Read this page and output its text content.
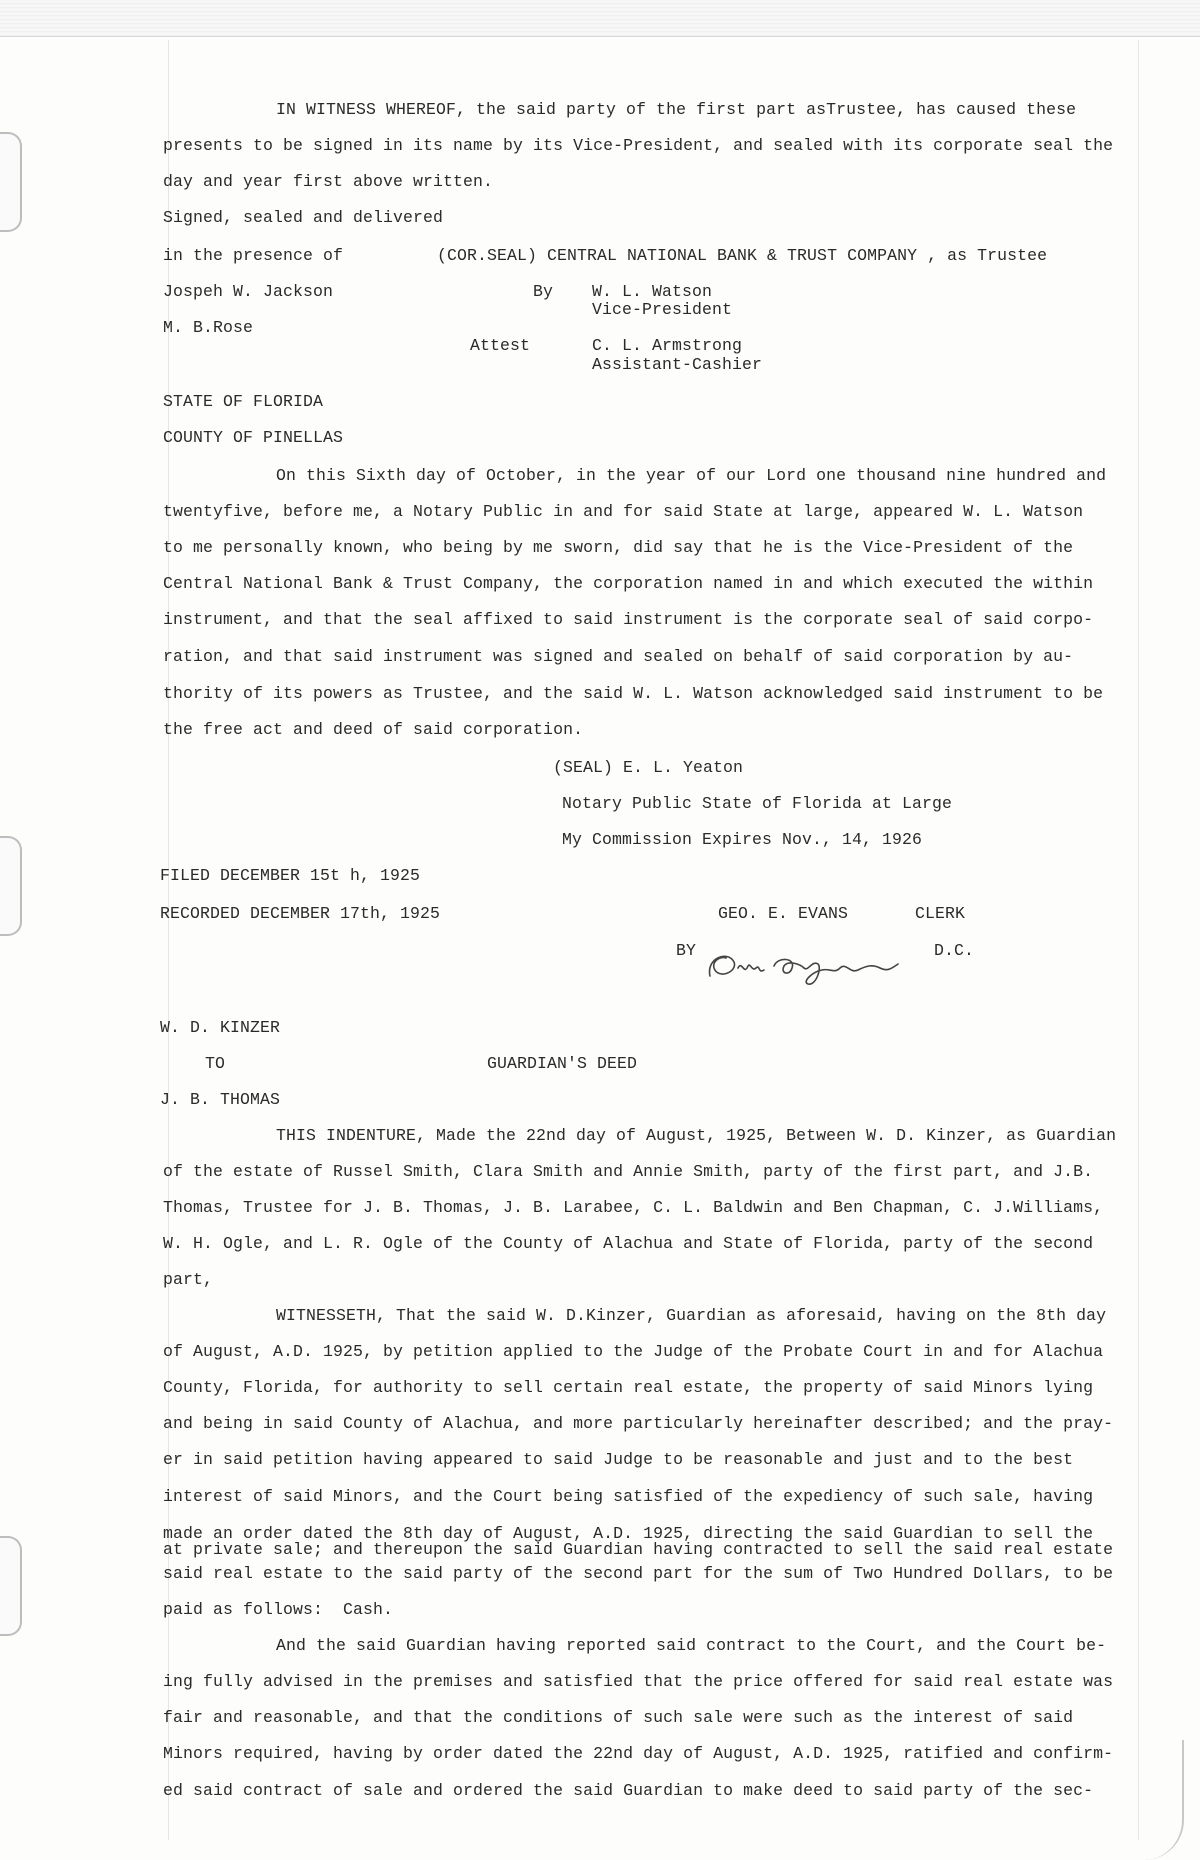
IN WITNESS WHEREOF, the said party of the first part asTrustee, has caused these
presents to be signed in its name by its Vice-President, and sealed with its corporate seal the
day and year first above written.
Signed, sealed and delivered
in the presence of	(COR.SEAL) CENTRAL NATIONAL BANK & TRUST COMPANY , as Trustee
Jospeh W. Jackson	By W. L. Watson
Vice-President
M. B.Rose
Attest	C. L. Armstrong
Assistant-Cashier
STATE OF FLORIDA
COUNTY OF PINELLAS
On this Sixth day of October, in the year of our Lord one thousand nine hundred and
twentyfive, before me, a Notary Public in and for said State at large, appeared W. L. Watson
to me personally known, who being by me sworn, did say that he is the Vice-President of the
Central National Bank & Trust Company, the corporation named in and which executed the within
instrument, and that the seal affixed to said instrument is the corporate seal of said corpo-
ration, and that said instrument was signed and sealed on behalf of said corporation by au-
thority of its powers as Trustee, and the said W. L. Watson acknowledged said instrument to be
the free act and deed of said corporation.
(SEAL) E. L. Yeaton
Notary Public State of Florida at Large
My Commission Expires Nov., 14, 1926
FILED DECEMBER 15t h, 1925
RECORDED DECEMBER 17th, 1925	GEO. E. EVANS	CLERK
BY	D.C.
W. D. KINZER
TO	GUARDIAN'S DEED
J. B. THOMAS
THIS INDENTURE, Made the 22nd day of August, 1925, Between W. D. Kinzer, as Guardian
of the estate of Russel Smith, Clara Smith and Annie Smith, party of the first part, and J.B.
Thomas, Trustee for J. B. Thomas, J. B. Larabee, C. L. Baldwin and Ben Chapman, C. J.Williams,
W. H. Ogle, and L. R. Ogle of the County of Alachua and State of Florida, party of the second
part,
WITNESSETH, That the said W. D.Kinzer, Guardian as aforesaid, having on the 8th day
of August, A.D. 1925, by petition applied to the Judge of the Probate Court in and for Alachua
County, Florida, for authority to sell certain real estate, the property of said Minors lying
and being in said County of Alachua, and more particularly hereinafter described; and the pray-
er in said petition having appeared to said Judge to be reasonable and just and to the best
interest of said Minors, and the Court being satisfied of the expediency of such sale, having
made an order dated the 8th day of August, A.D. 1925, directing the said Guardian to sell the
at private sale; and thereupon the said Guardian having contracted to sell the said real estate
said real estate to the said party of the second part for the sum of Two Hundred Dollars, to be
paid as follows:  Cash.
And the said Guardian having reported said contract to the Court, and the Court be-
ing fully advised in the premises and satisfied that the price offered for said real estate was
fair and reasonable, and that the conditions of such sale were such as the interest of said
Minors required, having by order dated the 22nd day of August, A.D. 1925, ratified and confirm-
ed said contract of sale and ordered the said Guardian to make deed to said party of the sec-
